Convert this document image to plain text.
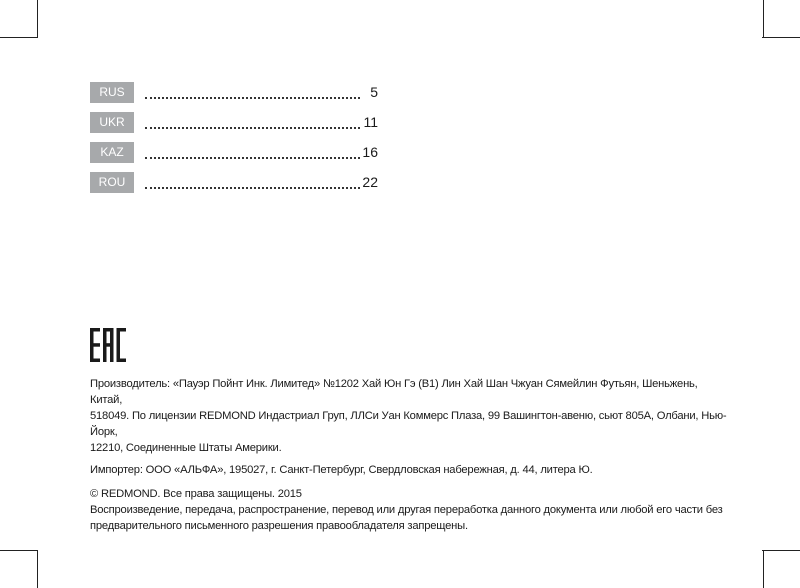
RUS	5
UKR	11
KAZ	16
ROU	22

Производитель: «Пауэр Пойнт Инк. Лимитед» №1202 Хай Юн Гэ (В1) Лин Хай Шан Чжуан Сямейлин Футьян, Шеньжень, Китай,

518049. По лицензии REDMOND Индастриал Груп, ЛЛСи Уан Коммерс Плаза, 99 Вашингтон-авеню, сьют 805А, Олбани, Нью-Йорк,

12210, Соединенные Штаты Америки.

Импортер: ООО «АЛЬФА», 195027, г. Санкт-Петербург, Свердловская набережная, д. 44, литера Ю.

© REDMOND. Все права защищены. 2015

Воспроизведение, передача, распространение, перевод или другая переработка данного документа или любой его части без

предварительного письменного разрешения правообладателя запрещены.
